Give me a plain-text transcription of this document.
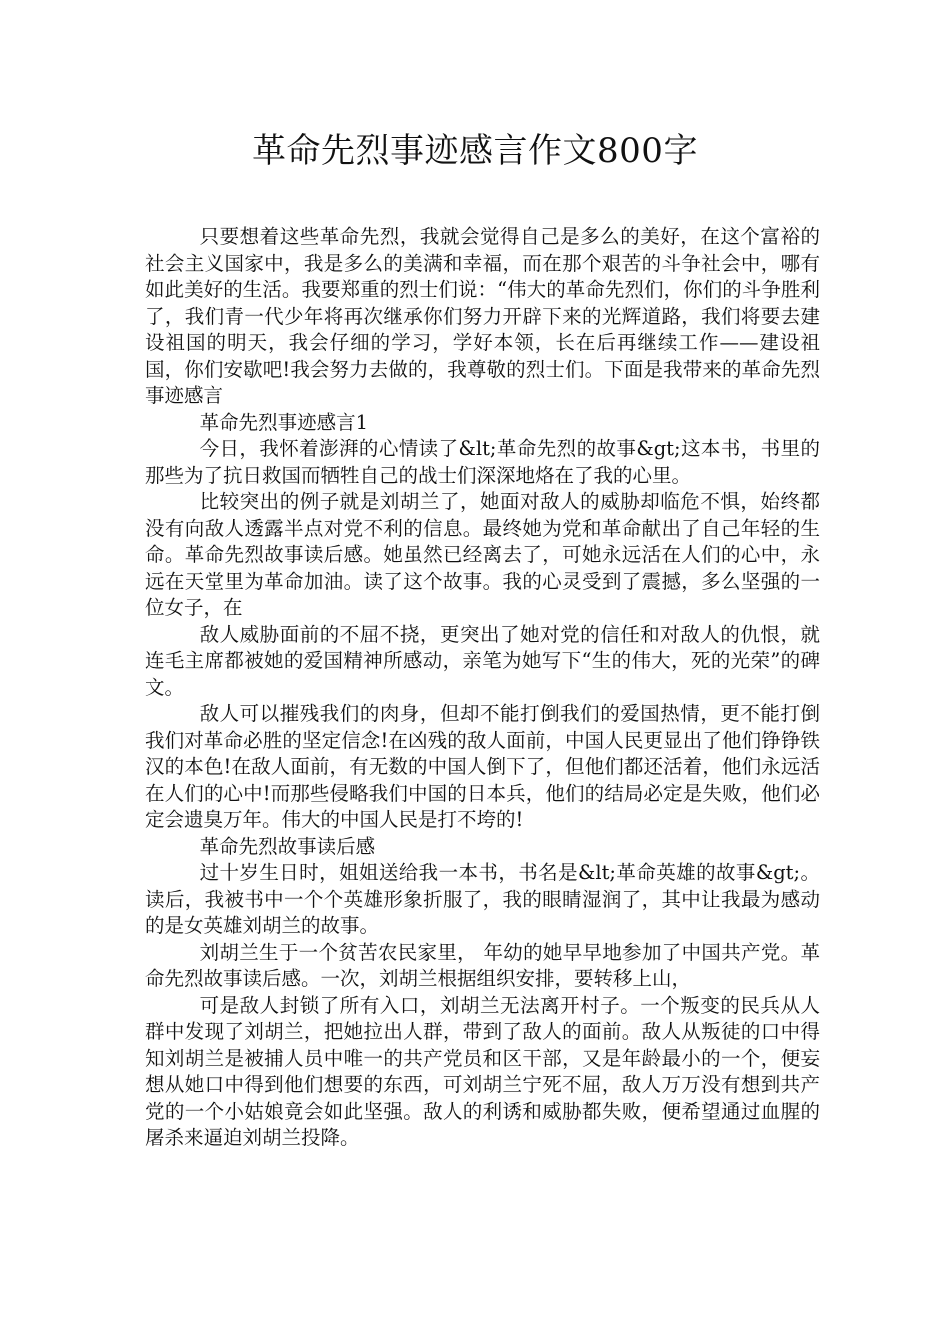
革命先烈事迹感言作文800字

只要想着这些革命先烈，我就会觉得自己是多么的美好，在这个富裕的社会主义国家中，我是多么的美满和幸福，而在那个艰苦的斗争社会中，哪有如此美好的生活。我要郑重的烈士们说：“伟大的革命先烈们，你们的斗争胜利了，我们青一代少年将再次继承你们努力开辟下来的光辉道路，我们将要去建设祖国的明天，我会仔细的学习，学好本领，长在后再继续工作——建设祖国，你们安歇吧!我会努力去做的，我尊敬的烈士们。下面是我带来的革命先烈事迹感言

革命先烈事迹感言1

今日，我怀着澎湃的心情读了&lt;革命先烈的故事&gt;这本书，书里的那些为了抗日救国而牺牲自己的战士们深深地烙在了我的心里。

比较突出的例子就是刘胡兰了，她面对敌人的威胁却临危不惧，始终都没有向敌人透露半点对党不利的信息。最终她为党和革命献出了自己年轻的生命。革命先烈故事读后感。她虽然已经离去了，可她永远活在人们的心中，永远在天堂里为革命加油。读了这个故事。我的心灵受到了震撼，多么坚强的一位女子，在

敌人威胁面前的不屈不挠，更突出了她对党的信任和对敌人的仇恨，就连毛主席都被她的爱国精神所感动，亲笔为她写下“生的伟大，死的光荣”的碑文。

敌人可以摧残我们的肉身，但却不能打倒我们的爱国热情，更不能打倒我们对革命必胜的坚定信念!在凶残的敌人面前，中国人民更显出了他们铮铮铁汉的本色!在敌人面前，有无数的中国人倒下了，但他们都还活着，他们永远活在人们的心中!而那些侵略我们中国的日本兵，他们的结局必定是失败，他们必定会遗臭万年。伟大的中国人民是打不垮的!

革命先烈故事读后感

过十岁生日时，姐姐送给我一本书，书名是&lt;革命英雄的故事&gt;。读后，我被书中一个个英雄形象折服了，我的眼睛湿润了，其中让我最为感动的是女英雄刘胡兰的故事。

刘胡兰生于一个贫苦农民家里， 年幼的她早早地参加了中国共产党。革命先烈故事读后感。一次，刘胡兰根据组织安排，要转移上山，

可是敌人封锁了所有入口，刘胡兰无法离开村子。一个叛变的民兵从人群中发现了刘胡兰，把她拉出人群，带到了敌人的面前。敌人从叛徒的口中得知刘胡兰是被捕人员中唯一的共产党员和区干部，又是年龄最小的一个，便妄想从她口中得到他们想要的东西，可刘胡兰宁死不屈，敌人万万没有想到共产党的一个小姑娘竟会如此坚强。敌人的利诱和威胁都失败，便希望通过血腥的屠杀来逼迫刘胡兰投降。
